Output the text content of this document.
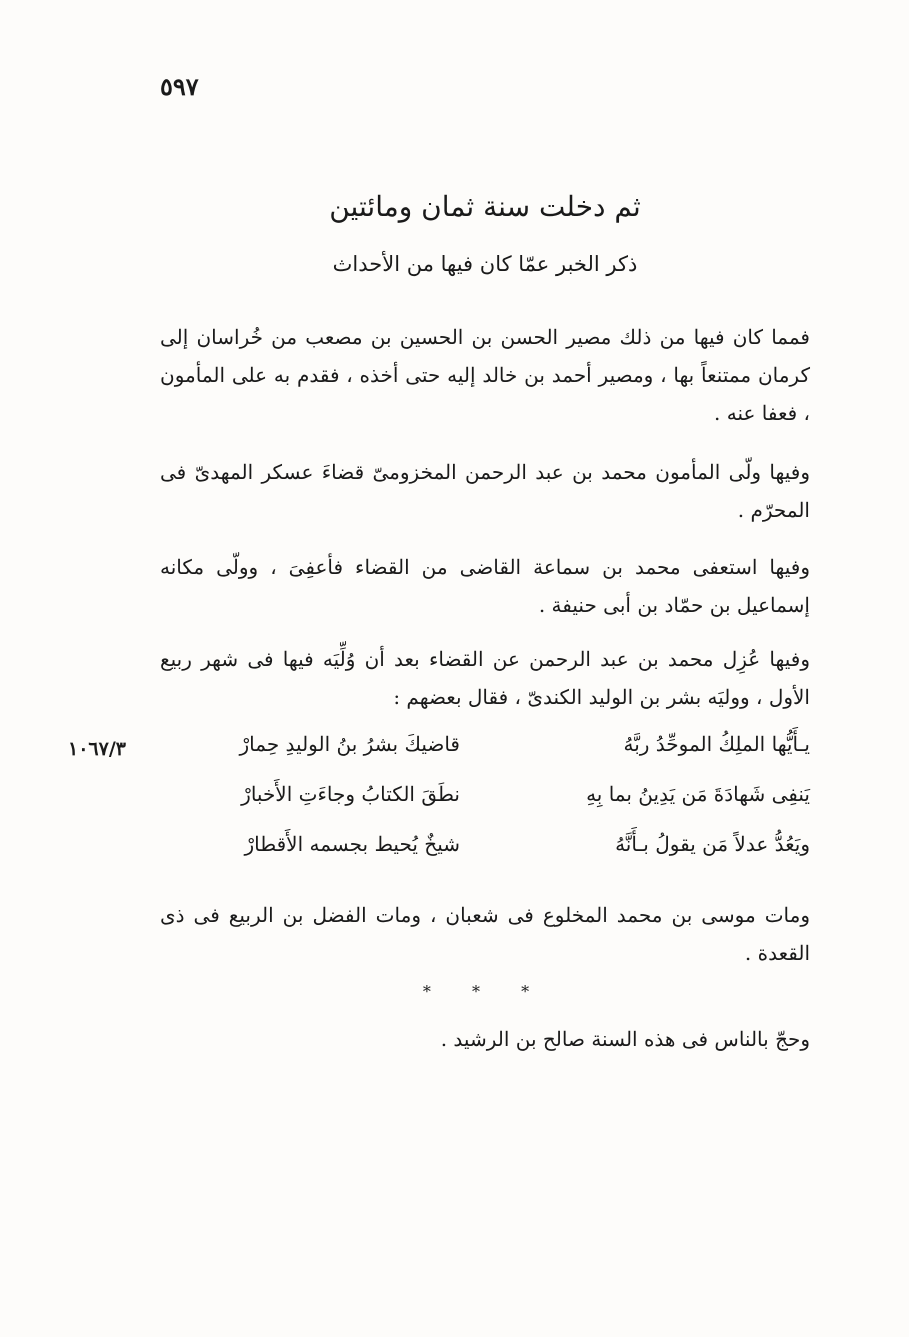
٥٩٧
١٠٦٧/٣
ثم دخلت سنة ثمان ومائتين
ذكر الخبر عمّا كان فيها من الأحداث
فمما كان فيها من ذلك مصير الحسن بن الحسين بن مصعب من خُراسان إلى كرمان ممتنعاً بها ، ومصير أحمد بن خالد إليه حتى أخذه ، فقدم به على المأمون ، فعفا عنه .
وفيها ولّى المأمون محمد بن عبد الرحمن المخزومىّ قضاءَ عسكر المهدىّ فى المحرّم .
وفيها استعفى محمد بن سماعة القاضى من القضاء فأعفِىَ ، وولّى مكانه إسماعيل بن حمّاد بن أبى حنيفة .
وفيها عُزِل محمد بن عبد الرحمن عن القضاء بعد أن وُلِّيَه فيها فى شهر ربيع الأول ، ووليَه بشر بن الوليد الكندىّ ، فقال بعضهم :
يـأَيُّها الملِكُ الموحِّدُ ربَّهُ
قاضيكَ بشرُ بنُ الوليدِ حِمارْ
يَنفِى شَهادَةَ مَن يَدِينُ بما بِهِ
نطَقَ الكتابُ وجاءَتِ الأَخبارْ
ويَعُدُّ عدلاً مَن يقولُ بـأَنَّهُ
شيخٌ يُحيط بجسمه الأَقطارْ
ومات موسى بن محمد المخلوع فى شعبان ، ومات الفضل بن الربيع فى ذى القعدة .
* * *
وحجّ بالناس فى هذه السنة صالح بن الرشيد .
